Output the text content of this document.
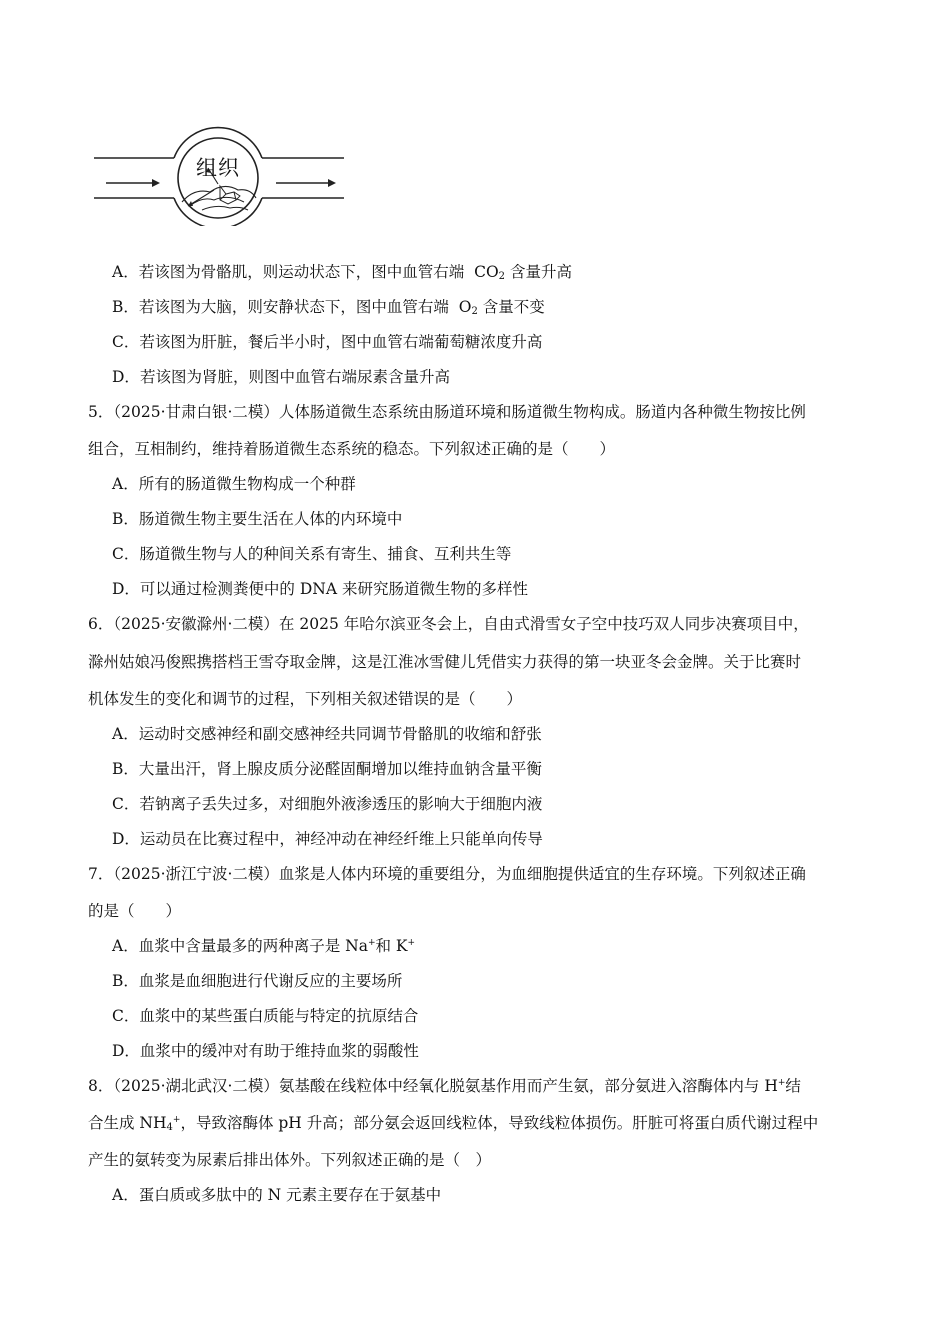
组织
A．若该图为骨骼肌，则运动状态下，图中血管右端 $CO_2$ 含量升高
B．若该图为大脑，则安静状态下，图中血管右端 $O_2$ 含量不变
C．若该图为肝脏，餐后半小时，图中血管右端葡萄糖浓度升高
D．若该图为肾脏，则图中血管右端尿素含量升高
5．（2025·甘肃白银·二模）人体肠道微生态系统由肠道环境和肠道微生物构成。肠道内各种微生物按比例
组合，互相制约，维持着肠道微生态系统的稳态。下列叙述正确的是（　　）
A．所有的肠道微生物构成一个种群
B．肠道微生物主要生活在人体的内环境中
C．肠道微生物与人的种间关系有寄生、捕食、互利共生等
D．可以通过检测粪便中的 DNA 来研究肠道微生物的多样性
6．（2025·安徽滁州·二模）在 2025 年哈尔滨亚冬会上，自由式滑雪女子空中技巧双人同步决赛项目中，
滁州姑娘冯俊熙携搭档王雪夺取金牌，这是江淮冰雪健儿凭借实力获得的第一块亚冬会金牌。关于比赛时
机体发生的变化和调节的过程，下列相关叙述错误的是（　　）
A．运动时交感神经和副交感神经共同调节骨骼肌的收缩和舒张
B．大量出汗，肾上腺皮质分泌醛固酮增加以维持血钠含量平衡
C．若钠离子丢失过多，对细胞外液渗透压的影响大于细胞内液
D．运动员在比赛过程中，神经冲动在神经纤维上只能单向传导
7．（2025·浙江宁波·二模）血浆是人体内环境的重要组分，为血细胞提供适宜的生存环境。下列叙述正确
的是（　　）
A．血浆中含量最多的两种离子是 Na+和 K+
B．血浆是血细胞进行代谢反应的主要场所
C．血浆中的某些蛋白质能与特定的抗原结合
D．血浆中的缓冲对有助于维持血浆的弱酸性
8．（2025·湖北武汉·二模）氨基酸在线粒体中经氧化脱氨基作用而产生氨，部分氨进入溶酶体内与 H+结
合生成 $NH_4^+$，导致溶酶体 pH 升高；部分氨会返回线粒体，导致线粒体损伤。肝脏可将蛋白质代谢过程中
产生的氨转变为尿素后排出体外。下列叙述正确的是（　）
A．蛋白质或多肽中的 N 元素主要存在于氨基中
